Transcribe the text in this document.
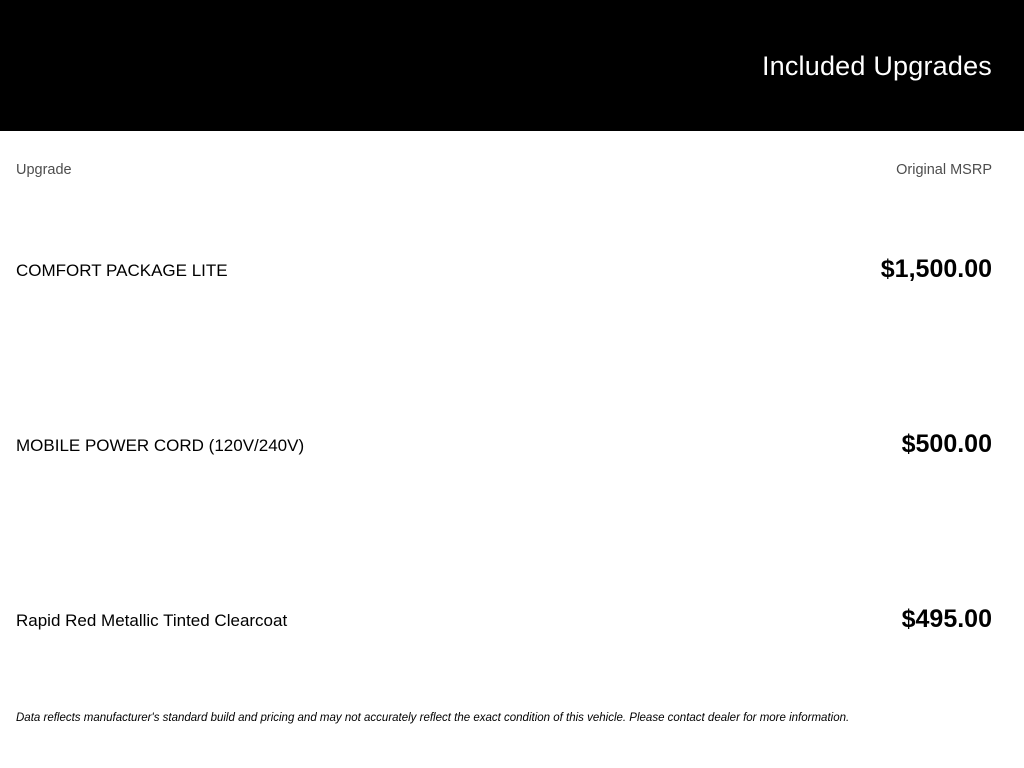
Included Upgrades
Upgrade	Original MSRP
COMFORT PACKAGE LITE	$1,500.00
MOBILE POWER CORD (120V/240V)	$500.00
Rapid Red Metallic Tinted Clearcoat	$495.00
Data reflects manufacturer's standard build and pricing and may not accurately reflect the exact condition of this vehicle. Please contact dealer for more information.
